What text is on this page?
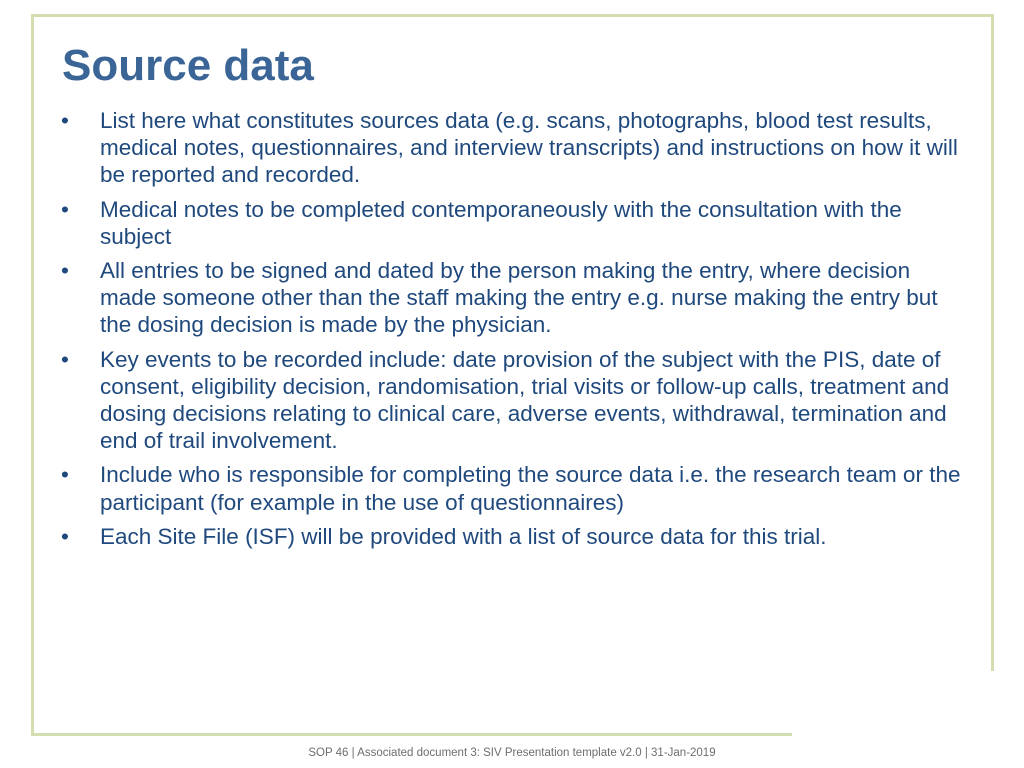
Source data
• List here what constitutes sources data (e.g. scans, photographs, blood test results, medical notes, questionnaires, and interview transcripts) and instructions on how it will be reported and recorded.
• Medical notes to be completed contemporaneously with the consultation with the subject
• All entries to be signed and dated by the person making the entry, where decision made someone other than the staff making the entry e.g. nurse making the entry but the dosing decision is made by the physician.
• Key events to be recorded include: date provision of the subject with the PIS, date of consent, eligibility decision, randomisation, trial visits or follow-up calls, treatment and dosing decisions relating to clinical care, adverse events, withdrawal, termination and end of trail involvement.
• Include who is responsible for completing the source data i.e. the research team or the participant (for example in the use of questionnaires)
• Each Site File (ISF) will be provided with a list of source data for this trial.
SOP 46 | Associated document 3: SIV Presentation template v2.0 | 31-Jan-2019
